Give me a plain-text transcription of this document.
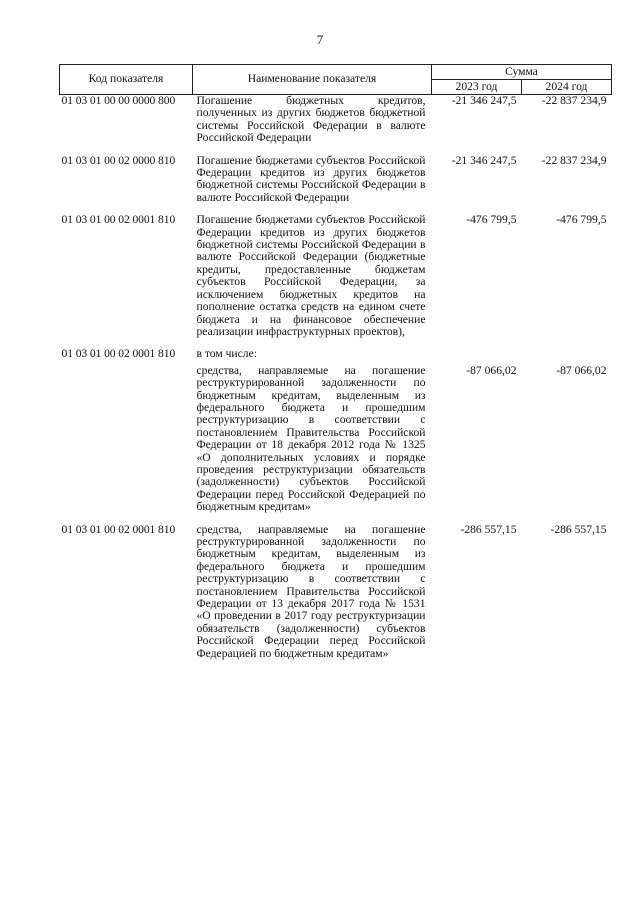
7
Код показателя	Наименование показателя	Сумма	
		2023 год	2024 год
01 03 01 00 00 0000 800	Погашение бюджетных кредитов, полученных из других бюджетов бюджетной системы Российской Федерации в валюте Российской Федерации	-21 346 247,5	-22 837 234,9
01 03 01 00 02 0000 810	Погашение бюджетами субъектов Российской Федерации кредитов из других бюджетов бюджетной системы Российской Федерации в валюте Российской Федерации	-21 346 247,5	-22 837 234,9
01 03 01 00 02 0001 810	Погашение бюджетами субъектов Российской Федерации кредитов из других бюджетов бюджетной системы Российской Федерации в валюте Российской Федерации (бюджетные кредиты, предоставленные бюджетам субъектов Российской Федерации, за исключением бюджетных кредитов на пополнение остатка средств на едином счете бюджета и на финансовое обеспечение реализации инфраструктурных проектов),	-476 799,5	-476 799,5
01 03 01 00 02 0001 810	в том числе:		
	средства, направляемые на погашение реструктурированной задолженности по бюджетным кредитам, выделенным из федерального бюджета и прошедшим реструктуризацию в соответствии с постановлением Правительства Российской Федерации от 18 декабря 2012 года № 1325 «О дополнительных условиях и порядке проведения реструктуризации обязательств (задолженности) субъектов Российской Федерации перед Российской Федерацией по бюджетным кредитам»	-87 066,02	-87 066,02
01 03 01 00 02 0001 810	средства, направляемые на погашение реструктурированной задолженности по бюджетным кредитам, выделенным из федерального бюджета и прошедшим реструктуризацию в соответствии с постановлением Правительства Российской Федерации от 13 декабря 2017 года № 1531 «О проведении в 2017 году реструктуризации обязательств (задолженности) субъектов Российской Федерации перед Российской Федерацией по бюджетным кредитам»	-286 557,15	-286 557,15
